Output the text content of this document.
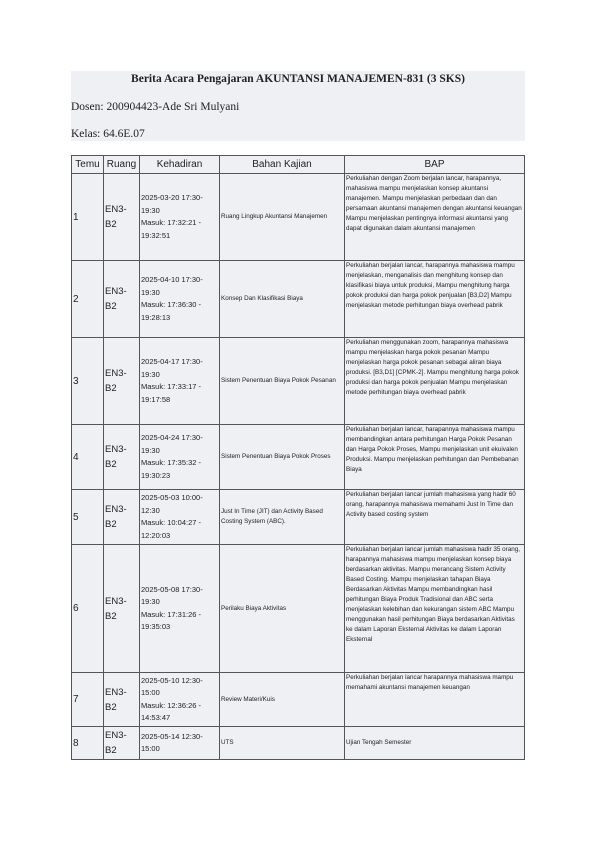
Berita Acara Pengajaran AKUNTANSI MANAJEMEN-831 (3 SKS)
Dosen: 200904423-Ade Sri Mulyani
Kelas: 64.6E.07
Temu	Ruang	Kehadiran	Bahan Kajian	BAP
1	EN3-B2	2025-03-20 17:30-19:30
Masuk: 17:32:21 - 19:32:51	Ruang Lingkup Akuntansi Manajemen	Perkuliahan dengan Zoom berjalan lancar, harapannya, mahasiswa mampu menjelaskan konsep akuntansi manajemen. Mampu menjelaskan perbedaan dan dan persamaan akuntansi manajemen dengan akuntansi keuangan Mampu menjelaskan pentingnya informasi akuntansi yang dapat digunakan dalam akuntansi manajemen
2	EN3-B2	2025-04-10 17:30-19:30
Masuk: 17:36:30 - 19:28:13	Konsep Dan Klasifikasi Biaya	Perkuliahan berjalan lancar, harapannya mahasiswa mampu menjelaskan, menganalisis dan menghitung konsep dan klasifikasi biaya untuk produksi, Mampu menghitung harga pokok produksi dan harga pokok penjualan [B3,D2] Mampu menjelaskan metode perhitungan biaya overhead pabrik
3	EN3-B2	2025-04-17 17:30-19:30
Masuk: 17:33:17 - 19:17:58	Sistem Penentuan Biaya Pokok Pesanan	Perkuliahan menggunakan zoom, harapannya mahasiswa mampu menjelaskan harga pokok pesanan Mampu menjelaskan harga pokok pesanan sebagai aliran biaya produksi. [B3,D1] [CPMK-2]. Mampu menghitung harga pokok produksi dan harga pokok penjualan Mampu menjelaskan metode perhitungan biaya overhead pabrik
4	EN3-B2	2025-04-24 17:30-19:30
Masuk: 17:35:32 - 19:30:23	Sistem Penentuan Biaya Pokok Proses	Perkuliahan berjalan lancar, harapannya mahasiswa mampu membandingkan antara perhitungan Harga Pokok Pesanan dan Harga Pokok Proses, Mampu menjelaskan unit ekuivalen Produksi. Mampu menjelaskan perhitungan dan Pembebanan Biaya
5	EN3-B2	2025-05-03 10:00-12:30
Masuk: 10:04:27 - 12:20:03	Just In Time (JIT) dan Activity Based Costing System (ABC).	Perkuliahan berjalan lancar jumlah mahasiswa yang hadir 60 orang, harapannya mahasiswa memahami Just In Time dan Activity based costing system
6	EN3-B2	2025-05-08 17:30-19:30
Masuk: 17:31:26 - 19:35:03	Perilaku Biaya Aktivitas	Perkuliahan berjalan lancar jumlah mahasiswa hadir 35 orang, harapannya mahasiswa mampu menjelaskan konsep biaya berdasarkan aktivitas. Mampu merancang Sistem Activity Based Costing. Mampu menjelaskan tahapan Biaya Berdasarkan Aktivitas Mampu membandingkan hasil perhitungan Biaya Produk Tradisional dan ABC serta menjelaskan kelebihan dan kekurangan sistem ABC Mampu menggunakan hasil perhitungan Biaya berdasarkan Aktivitas ke dalam Laporan Eksternal Aktivitas ke dalam Laporan Eksternal
7	EN3-B2	2025-05-10 12:30-15:00
Masuk: 12:36:26 - 14:53:47	Review Materi/Kuis	Perkuliahan berjalan lancar harapannya mahasiswa mampu memahami akuntansi manajemen keuangan
8	EN3-B2	2025-05-14 12:30-15:00	UTS	Ujian Tengah Semester
